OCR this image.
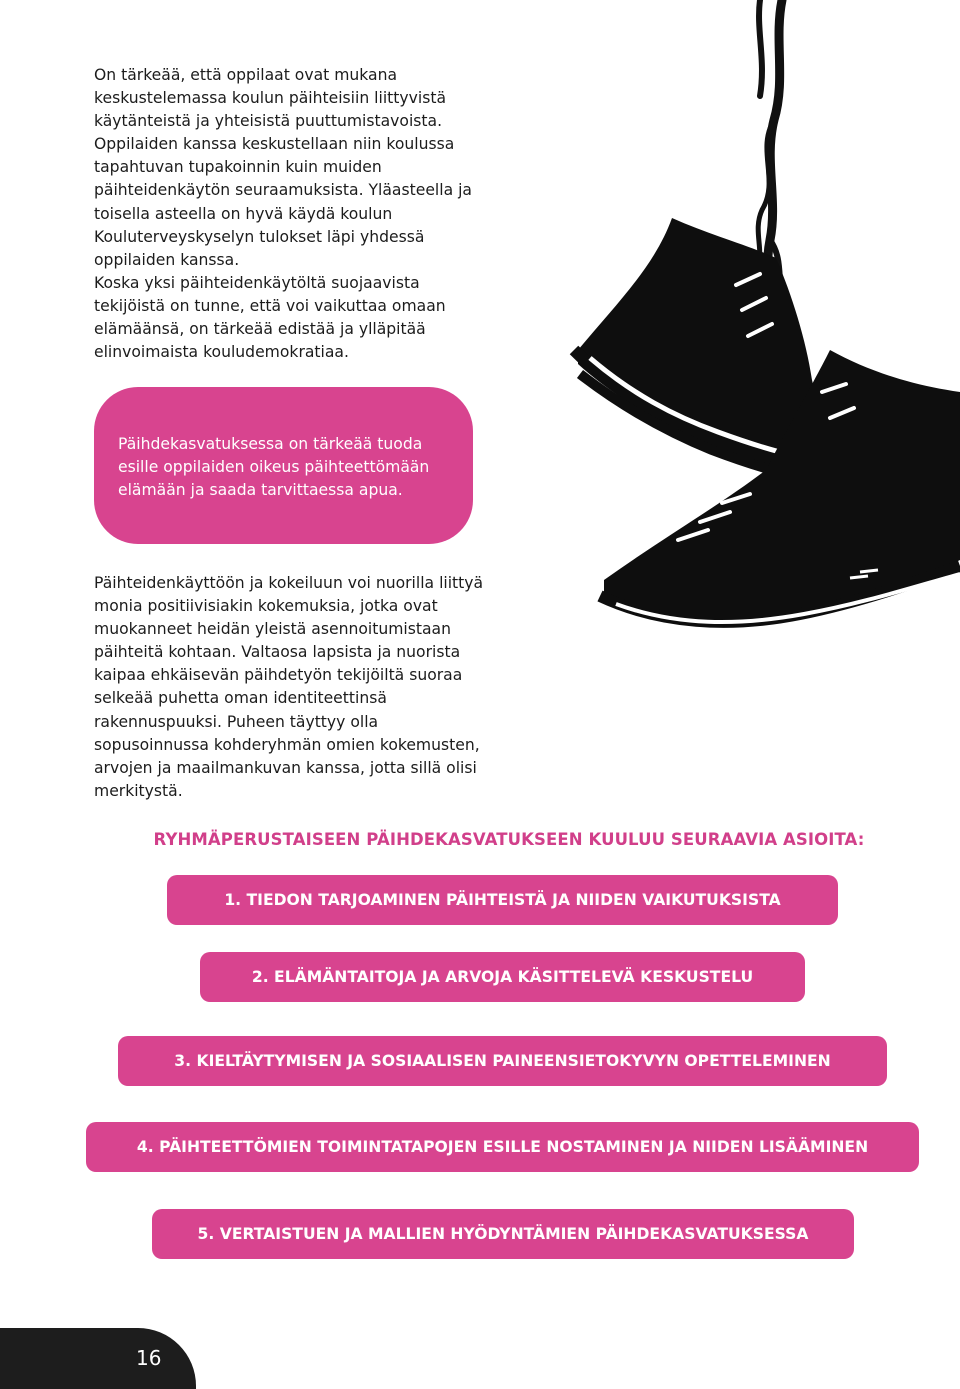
On tärkeää, että oppilaat ovat mukana keskustelemassa koulun päihteisiin liittyvistä käytänteistä ja yhteisistä puuttumistavoista. Oppilaiden kanssa keskustellaan niin koulussa tapahtuvan tupakoinnin kuin muiden päihteidenkäytön seuraamuksista. Yläasteella ja toisella asteella on hyvä käydä koulun Kouluterveyskyselyn tulokset läpi yhdessä oppilaiden kanssa.

Koska yksi päihteidenkäytöltä suojaavista tekijöistä on tunne, että voi vaikuttaa omaan elämäänsä, on tärkeää edistää ja ylläpitää elinvoimaista kouludemokratiaa.

Päihdekasvatuksessa on tärkeää tuoda esille oppilaiden oikeus päihteettömään elämään ja saada tarvittaessa apua.

Päihteidenkäyttöön ja kokeiluun voi nuorilla liittyä monia positiivisiakin kokemuksia, jotka ovat muokanneet heidän yleistä asennoitumistaan päihteitä kohtaan. Valtaosa lapsista ja nuorista kaipaa ehkäisevän päihdetyön tekijöiltä suoraa selkeää puhetta oman identiteettinsä rakennuspuuksi. Puheen täyttyy olla sopusoinnussa kohderyhmän omien kokemusten, arvojen ja maailmankuvan kanssa, jotta sillä olisi merkitystä.

RYHMÄPERUSTAISEEN PÄIHDEKASVATUKSEEN KUULUU SEURAAVIA ASIOITA:
1. TIEDON TARJOAMINEN PÄIHTEISTÄ JA NIIDEN VAIKUTUKSISTA
2. ELÄMÄNTAITOJA JA ARVOJA KÄSITTELEVÄ KESKUSTELU
3. KIELTÄYTYMISEN JA SOSIAALISEN PAINEENSIETOKYVYN OPETTELEMINEN
4. PÄIHTEETTÖMIEN TOIMINTATAPOJEN ESILLE NOSTAMINEN JA NIIDEN LISÄÄMINEN
5. VERTAISTUEN JA MALLIEN HYÖDYNTÄMIEN PÄIHDEKASVATUKSESSA
16
